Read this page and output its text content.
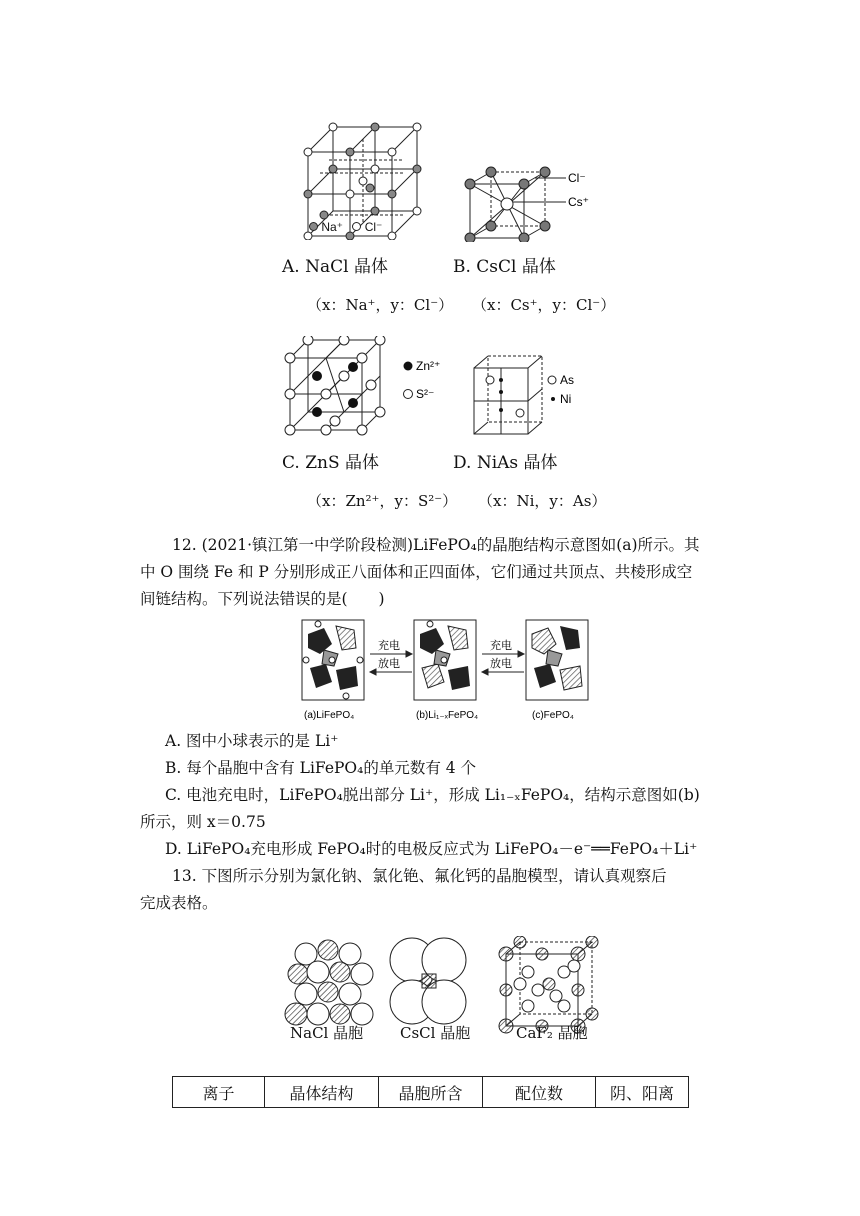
Na⁺ Cl⁻
Cl⁻
Cs⁺
A. NaCl 晶体	B. CsCl 晶体
（x：Na⁺，y：Cl⁻） （x：Cs⁺，y：Cl⁻）
Zn²⁺
S²⁻
As
Ni
C. ZnS 晶体	D. NiAs 晶体
（x：Zn²⁺，y：S²⁻） （x：Ni，y：As）
12. (2021·镇江第一中学阶段检测)LiFePO₄的晶胞结构示意图如(a)所示。其
中 O 围绕 Fe 和 P 分别形成正八面体和正四面体，它们通过共顶点、共棱形成空
间链结构。下列说法错误的是(　　)
充电
放电
充电
放电
(a)LiFePO₄	(b)Li₁₋ₓFePO₄	(c)FePO₄
A. 图中小球表示的是 Li⁺
B. 每个晶胞中含有 LiFePO₄的单元数有 4 个
C. 电池充电时，LiFePO₄脱出部分 Li⁺，形成 Li₁₋ₓFePO₄，结构示意图如(b)
所示，则 x＝0.75
D. LiFePO₄充电形成 FePO₄时的电极反应式为 LiFePO₄－e⁻══FePO₄＋Li⁺
13. 下图所示分别为氯化钠、氯化铯、氟化钙的晶胞模型，请认真观察后
完成表格。
NaCl 晶胞 CsCl 晶胞	CaF₂ 晶胞
离子	晶体结构	晶胞所含	配位数	阴、阳离
